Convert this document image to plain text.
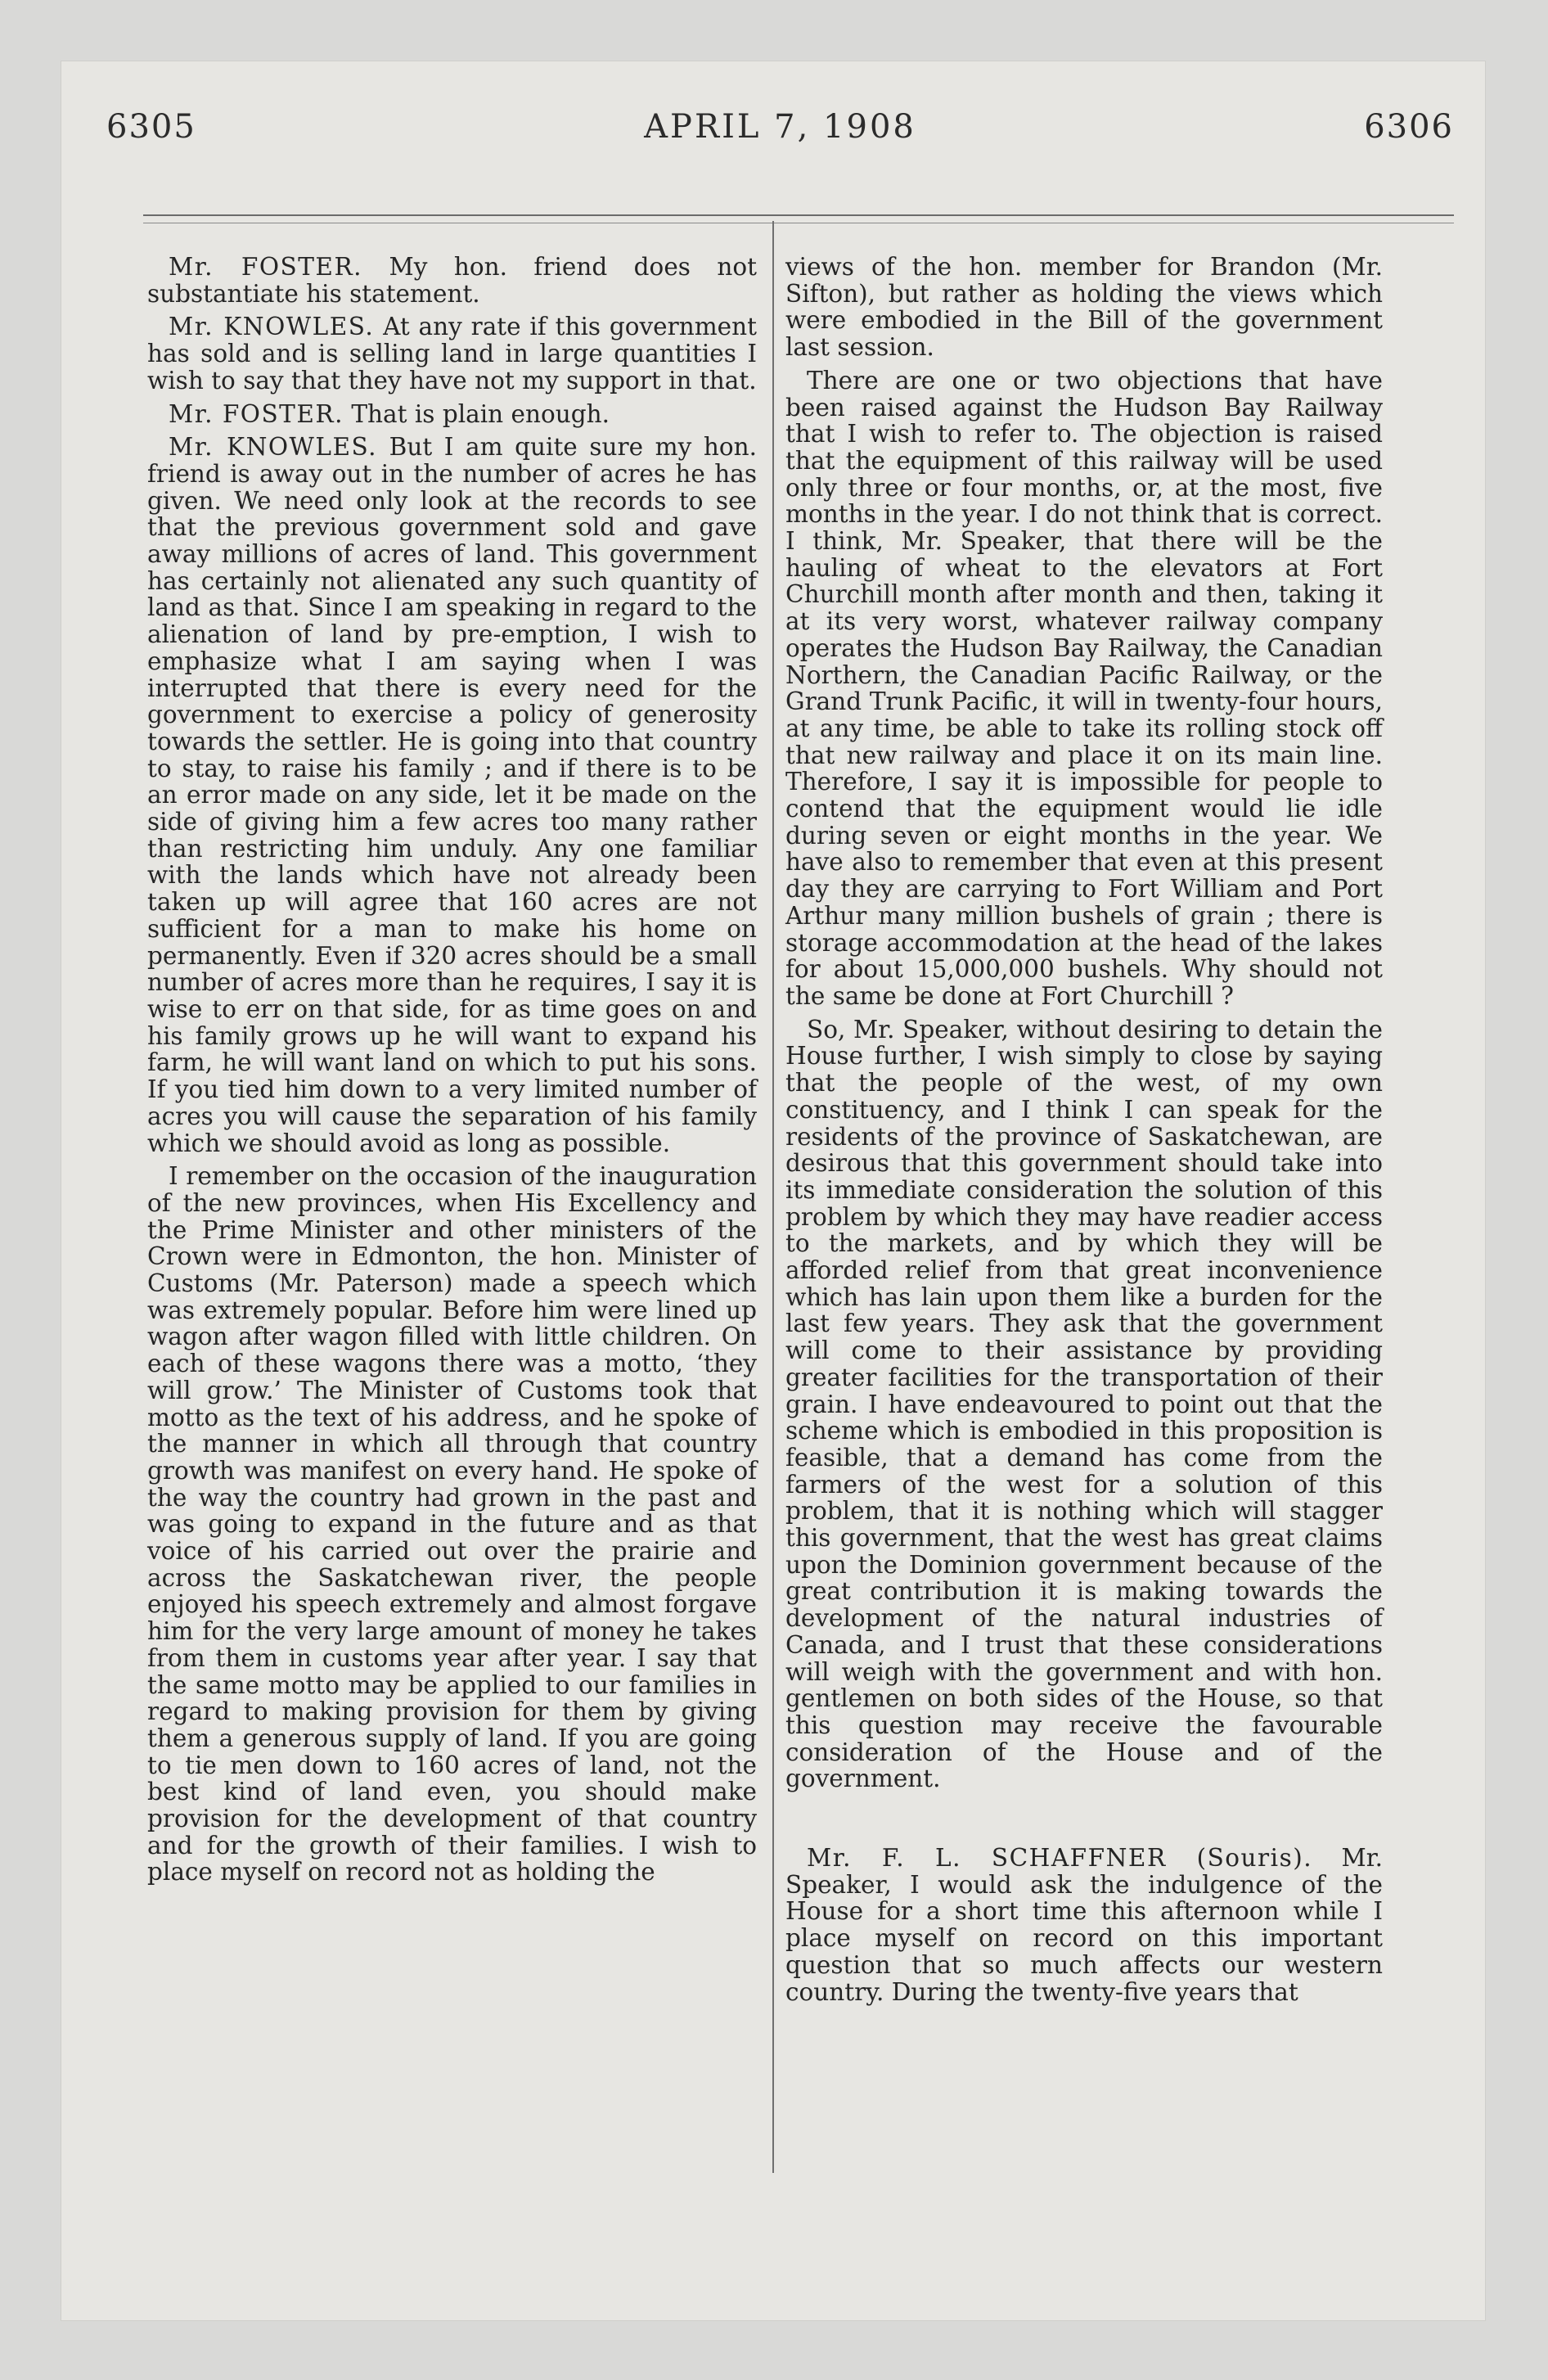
6305	APRIL 7, 1908	6306

Mr. FOSTER. My hon. friend does not substantiate his statement.

Mr. KNOWLES. At any rate if this government has sold and is selling land in large quantities I wish to say that they have not my support in that.

Mr. FOSTER. That is plain enough.

Mr. KNOWLES. But I am quite sure my hon. friend is away out in the number of acres he has given. We need only look at the records to see that the previous government sold and gave away millions of acres of land. This government has certainly not alienated any such quantity of land as that. Since I am speaking in regard to the alienation of land by pre-emption, I wish to emphasize what I am saying when I was interrupted that there is every need for the government to exercise a policy of generosity towards the settler. He is going into that country to stay, to raise his family ; and if there is to be an error made on any side, let it be made on the side of giving him a few acres too many rather than restricting him unduly. Any one familiar with the lands which have not already been taken up will agree that 160 acres are not sufficient for a man to make his home on permanently. Even if 320 acres should be a small number of acres more than he requires, I say it is wise to err on that side, for as time goes on and his family grows up he will want to expand his farm, he will want land on which to put his sons. If you tied him down to a very limited number of acres you will cause the separation of his family which we should avoid as long as possible.

I remember on the occasion of the inauguration of the new provinces, when His Excellency and the Prime Minister and other ministers of the Crown were in Edmonton, the hon. Minister of Customs (Mr. Paterson) made a speech which was extremely popular. Before him were lined up wagon after wagon filled with little children. On each of these wagons there was a motto, ‘they will grow.’ The Minister of Customs took that motto as the text of his address, and he spoke of the manner in which all through that country growth was manifest on every hand. He spoke of the way the country had grown in the past and was going to expand in the future and as that voice of his carried out over the prairie and across the Saskatchewan river, the people enjoyed his speech extremely and almost forgave him for the very large amount of money he takes from them in customs year after year. I say that the same motto may be applied to our families in regard to making provision for them by giving them a generous supply of land. If you are going to tie men down to 160 acres of land, not the best kind of land even, you should make provision for the development of that country and for the growth of their families. I wish to place myself on record not as holding the

views of the hon. member for Brandon (Mr. Sifton), but rather as holding the views which were embodied in the Bill of the government last session.

There are one or two objections that have been raised against the Hudson Bay Railway that I wish to refer to. The objection is raised that the equipment of this railway will be used only three or four months, or, at the most, five months in the year. I do not think that is correct. I think, Mr. Speaker, that there will be the hauling of wheat to the elevators at Fort Churchill month after month and then, taking it at its very worst, whatever railway company operates the Hudson Bay Railway, the Canadian Northern, the Canadian Pacific Railway, or the Grand Trunk Pacific, it will in twenty-four hours, at any time, be able to take its rolling stock off that new railway and place it on its main line. Therefore, I say it is impossible for people to contend that the equipment would lie idle during seven or eight months in the year. We have also to remember that even at this present day they are carrying to Fort William and Port Arthur many million bushels of grain ; there is storage accommodation at the head of the lakes for about 15,000,000 bushels. Why should not the same be done at Fort Churchill ?

So, Mr. Speaker, without desiring to detain the House further, I wish simply to close by saying that the people of the west, of my own constituency, and I think I can speak for the residents of the province of Saskatchewan, are desirous that this government should take into its immediate consideration the solution of this problem by which they may have readier access to the markets, and by which they will be afforded relief from that great inconvenience which has lain upon them like a burden for the last few years. They ask that the government will come to their assistance by providing greater facilities for the transportation of their grain. I have endeavoured to point out that the scheme which is embodied in this proposition is feasible, that a demand has come from the farmers of the west for a solution of this problem, that it is nothing which will stagger this government, that the west has great claims upon the Dominion government because of the great contribution it is making towards the development of the natural industries of Canada, and I trust that these considerations will weigh with the government and with hon. gentlemen on both sides of the House, so that this question may receive the favourable consideration of the House and of the government.

Mr. F. L. SCHAFFNER (Souris). Mr. Speaker, I would ask the indulgence of the House for a short time this afternoon while I place myself on record on this important question that so much affects our western country. During the twenty-five years that
